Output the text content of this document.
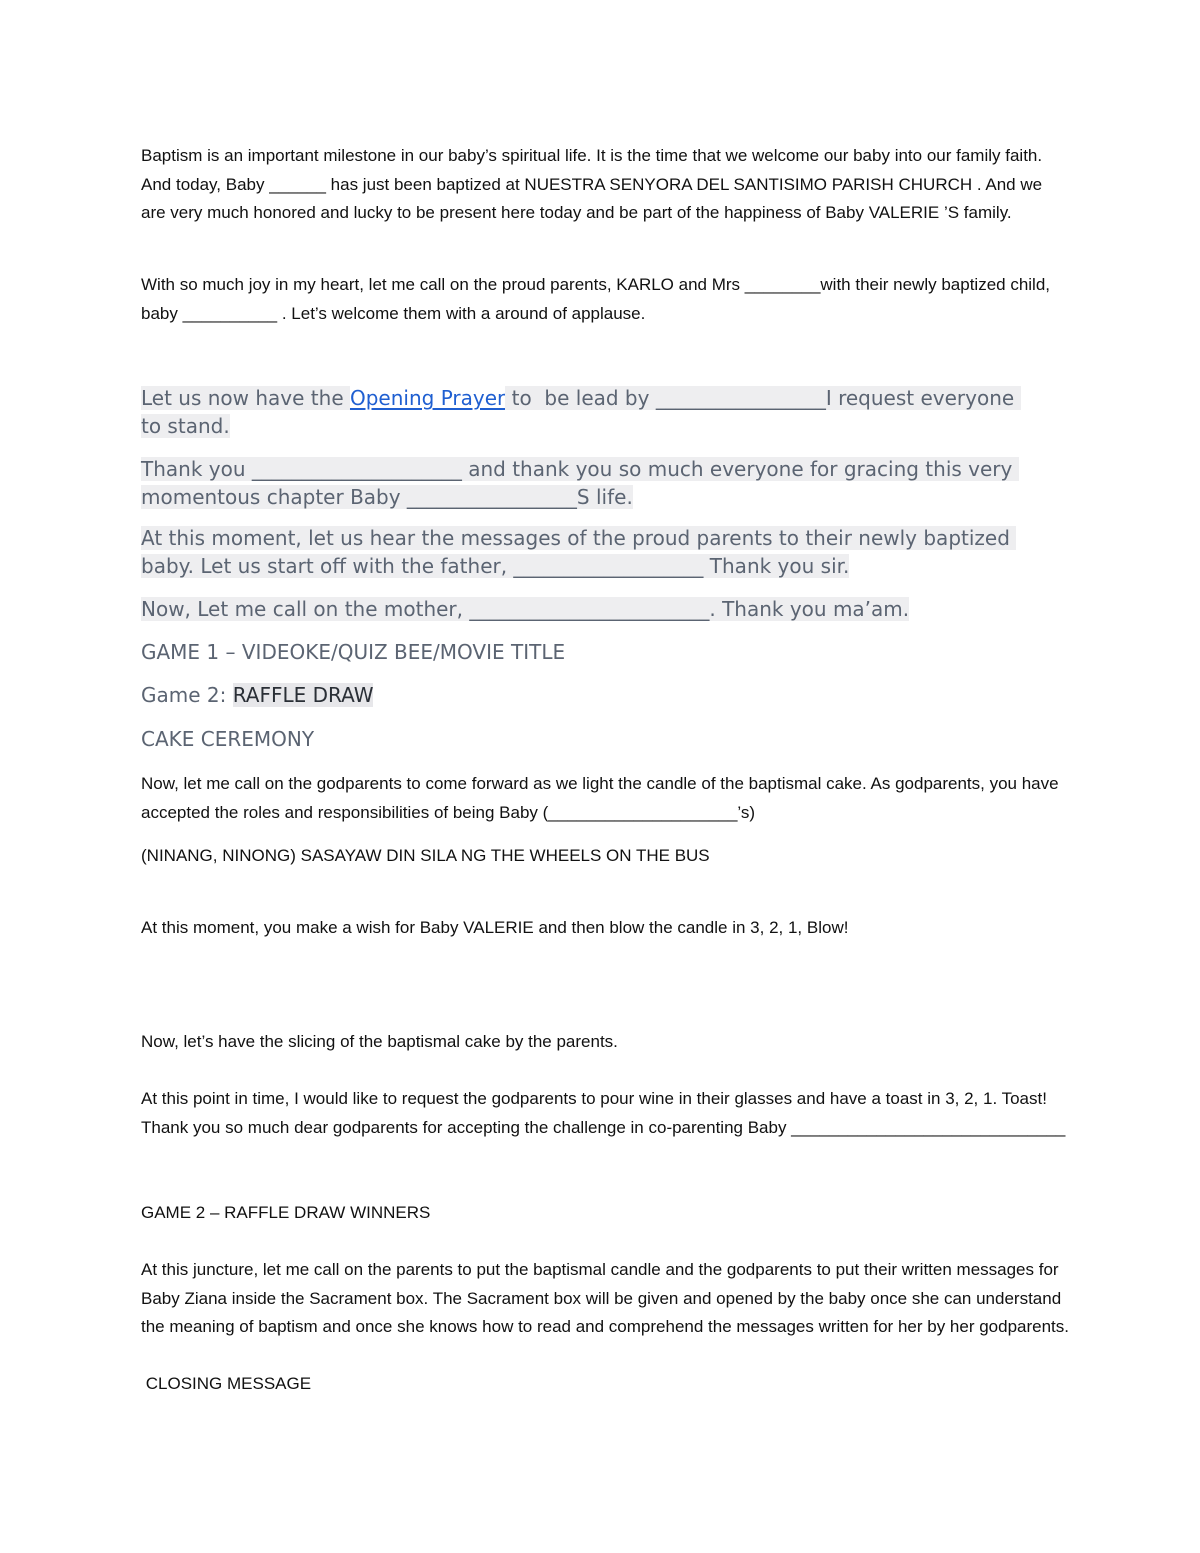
Baptism is an important milestone in our baby’s spiritual life. It is the time that we welcome our baby into our family faith. And today, Baby ______ has just been baptized at NUESTRA SENYORA DEL SANTISIMO PARISH CHURCH . And we are very much honored and lucky to be present here today and be part of the happiness of Baby VALERIE ’S family.

With so much joy in my heart, let me call on the proud parents, KARLO and Mrs ________with their newly baptized child, baby __________ . Let’s welcome them with a around of applause.

Let us now have the Opening Prayer to  be lead by _________________I request everyone to stand.

Thank you _____________________ and thank you so much everyone for gracing this very momentous chapter Baby _________________S life.

At this moment, let us hear the messages of the proud parents to their newly baptized baby. Let us start off with the father, ___________________ Thank you sir.

Now, Let me call on the mother, ________________________. Thank you ma’am.

GAME 1 – VIDEOKE/QUIZ BEE/MOVIE TITLE

Game 2: RAFFLE DRAW

CAKE CEREMONY

Now, let me call on the godparents to come forward as we light the candle of the baptismal cake. As godparents, you have accepted the roles and responsibilities of being Baby (____________________’s)

(NINANG, NINONG) SASAYAW DIN SILA NG THE WHEELS ON THE BUS

At this moment, you make a wish for Baby VALERIE and then blow the candle in 3, 2, 1, Blow!

Now, let’s have the slicing of the baptismal cake by the parents.

At this point in time, I would like to request the godparents to pour wine in their glasses and have a toast in 3, 2, 1. Toast! Thank you so much dear godparents for accepting the challenge in co-parenting Baby _____________________________

GAME 2 – RAFFLE DRAW WINNERS

At this juncture, let me call on the parents to put the baptismal candle and the godparents to put their written messages for Baby Ziana inside the Sacrament box. The Sacrament box will be given and opened by the baby once she can understand the meaning of baptism and once she knows how to read and comprehend the messages written for her by her godparents.

CLOSING MESSAGE
